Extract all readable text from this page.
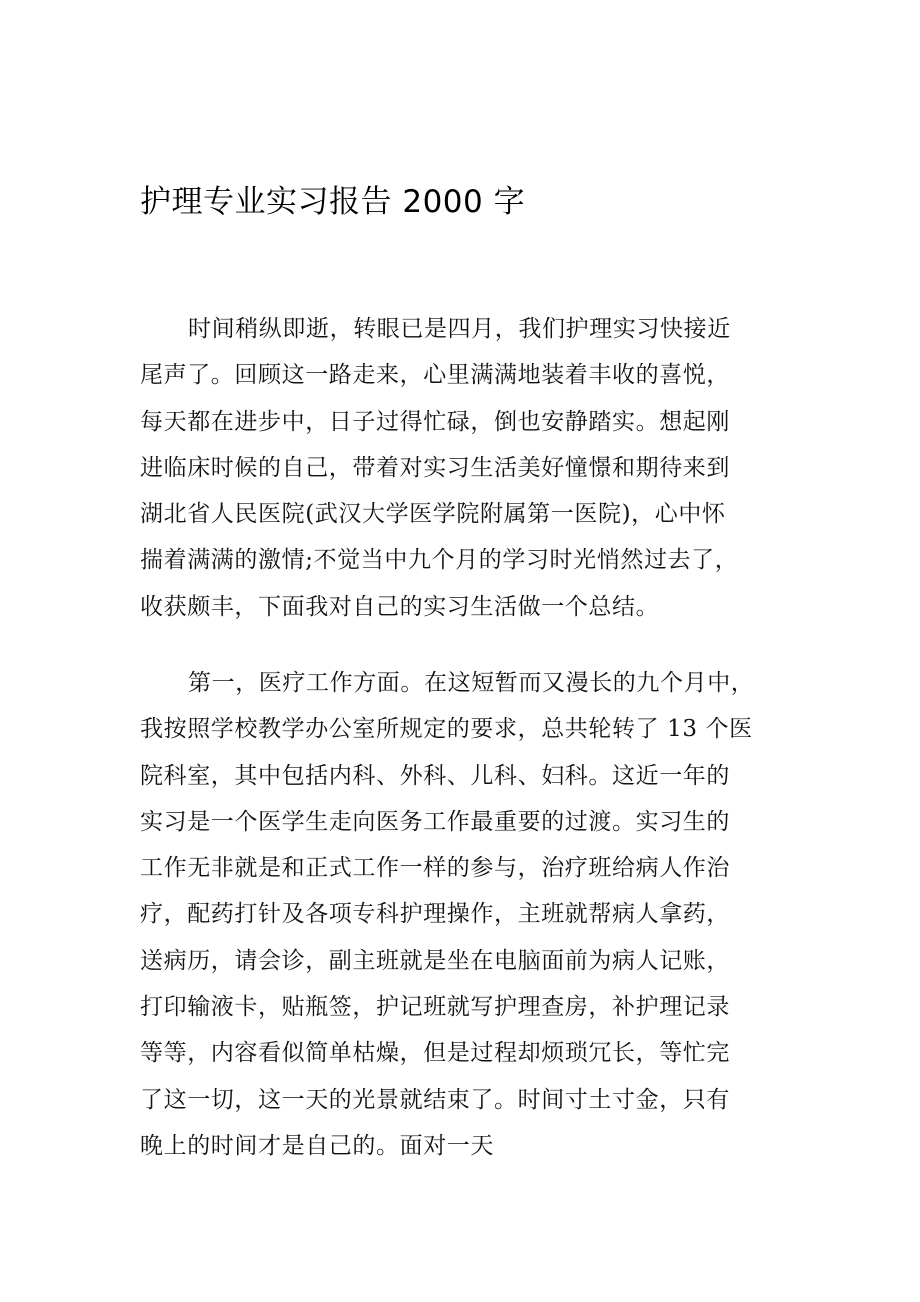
护理专业实习报告 2000 字
时间稍纵即逝，转眼已是四月，我们护理实习快接近
尾声了。回顾这一路走来，心里满满地装着丰收的喜悦，
每天都在进步中，日子过得忙碌，倒也安静踏实。想起刚
进临床时候的自己，带着对实习生活美好憧憬和期待来到
湖北省人民医院(武汉大学医学院附属第一医院)，心中怀
揣着满满的激情;不觉当中九个月的学习时光悄然过去了，
收获颇丰，下面我对自己的实习生活做一个总结。
第一，医疗工作方面。在这短暂而又漫长的九个月中，
我按照学校教学办公室所规定的要求，总共轮转了 13 个医
院科室，其中包括内科、外科、儿科、妇科。这近一年的
实习是一个医学生走向医务工作最重要的过渡。实习生的
工作无非就是和正式工作一样的参与，治疗班给病人作治
疗，配药打针及各项专科护理操作，主班就帮病人拿药，
送病历，请会诊，副主班就是坐在电脑面前为病人记账，
打印输液卡，贴瓶签，护记班就写护理查房，补护理记录
等等，内容看似简单枯燥，但是过程却烦琐冗长，等忙完
了这一切，这一天的光景就结束了。时间寸土寸金，只有
晚上的时间才是自己的。面对一天
